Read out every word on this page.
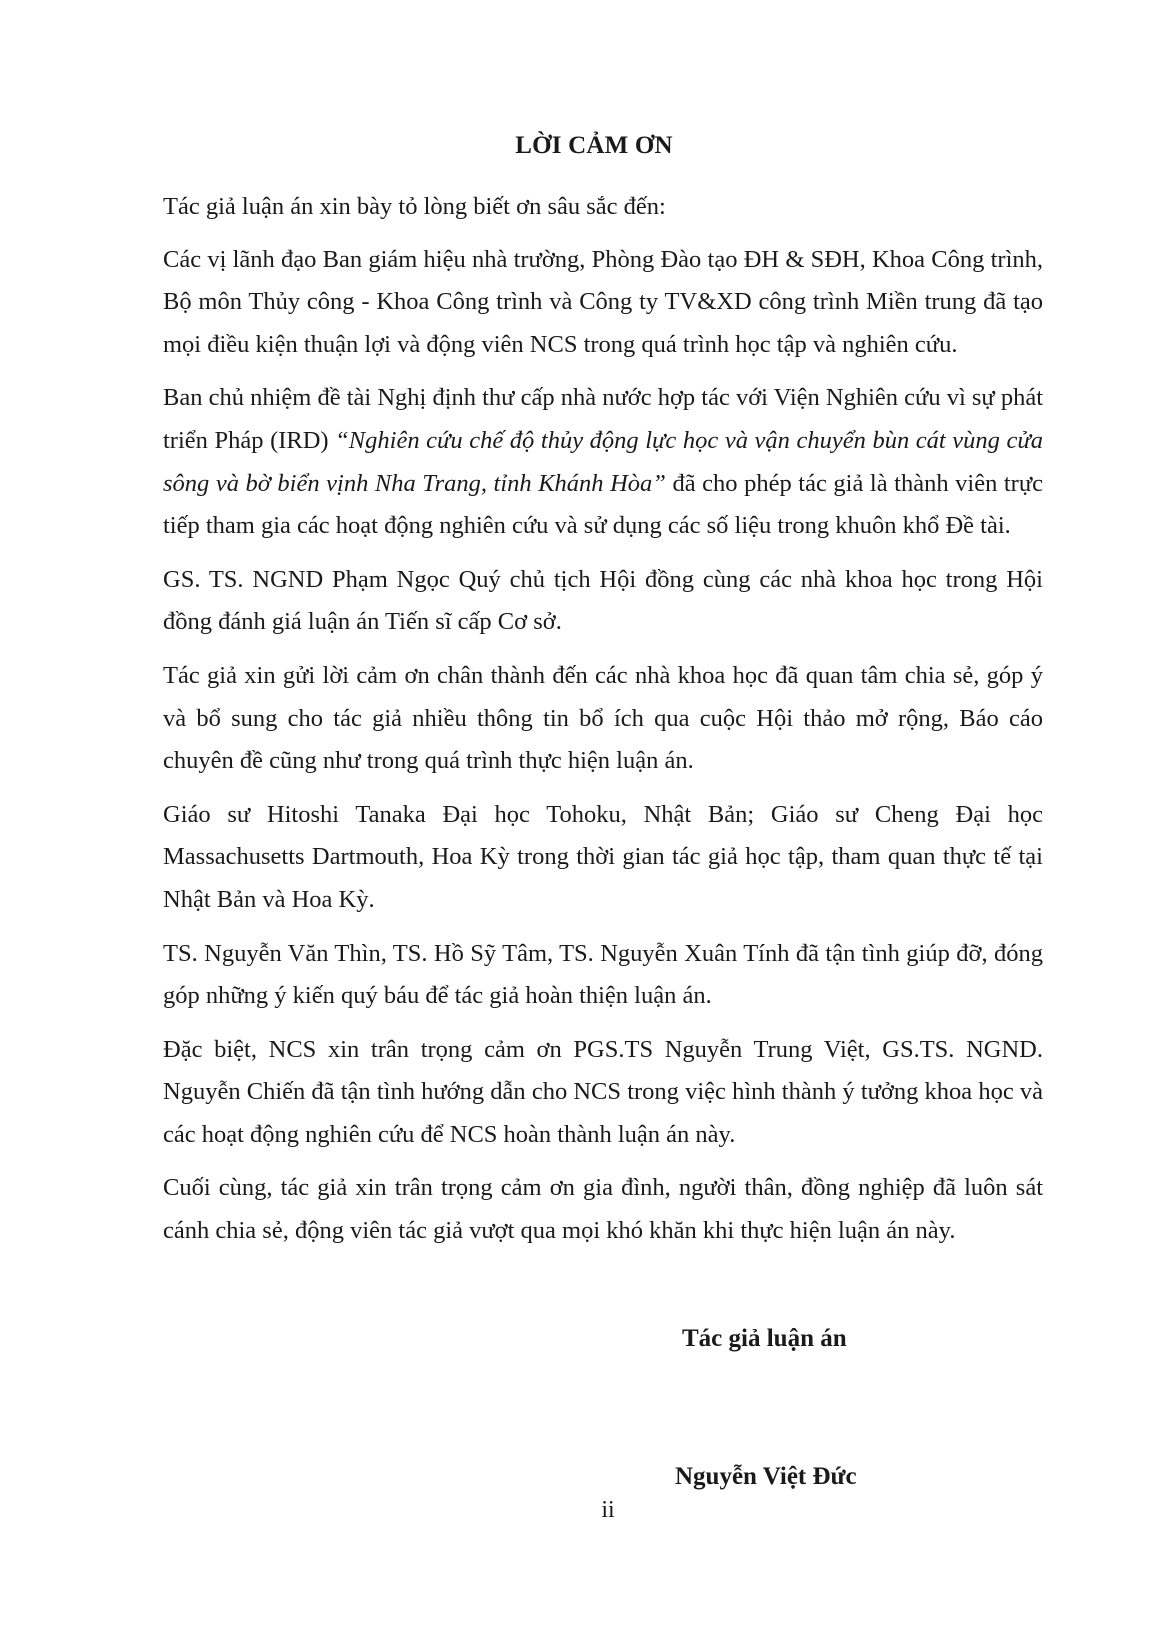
LỜI CẢM ƠN

Tác giả luận án xin bày tỏ lòng biết ơn sâu sắc đến:

Các vị lãnh đạo Ban giám hiệu nhà trường, Phòng Đào tạo ĐH & SĐH, Khoa Công trình, Bộ môn Thủy công - Khoa Công trình và Công ty TV&XD công trình Miền trung đã tạo mọi điều kiện thuận lợi và động viên NCS trong quá trình học tập và nghiên cứu.

Ban chủ nhiệm đề tài Nghị định thư cấp nhà nước hợp tác với Viện Nghiên cứu vì sự phát triển Pháp (IRD) “Nghiên cứu chế độ thủy động lực học và vận chuyển bùn cát vùng cửa sông và bờ biển vịnh Nha Trang, tỉnh Khánh Hòa” đã cho phép tác giả là thành viên trực tiếp tham gia các hoạt động nghiên cứu và sử dụng các số liệu trong khuôn khổ Đề tài.

GS. TS. NGND Phạm Ngọc Quý chủ tịch Hội đồng cùng các nhà khoa học trong Hội đồng đánh giá luận án Tiến sĩ cấp Cơ sở.

Tác giả xin gửi lời cảm ơn chân thành đến các nhà khoa học đã quan tâm chia sẻ, góp ý và bổ sung cho tác giả nhiều thông tin bổ ích qua cuộc Hội thảo mở rộng, Báo cáo chuyên đề cũng như trong quá trình thực hiện luận án.

Giáo sư Hitoshi Tanaka Đại học Tohoku, Nhật Bản; Giáo sư Cheng Đại học Massachusetts Dartmouth, Hoa Kỳ trong thời gian tác giả học tập, tham quan thực tế tại Nhật Bản và Hoa Kỳ.

TS. Nguyễn Văn Thìn, TS. Hồ Sỹ Tâm, TS. Nguyễn Xuân Tính đã tận tình giúp đỡ, đóng góp những ý kiến quý báu để tác giả hoàn thiện luận án.

Đặc biệt, NCS xin trân trọng cảm ơn PGS.TS Nguyễn Trung Việt, GS.TS. NGND. Nguyễn Chiến đã tận tình hướng dẫn cho NCS trong việc hình thành ý tưởng khoa học và các hoạt động nghiên cứu để NCS hoàn thành luận án này.

Cuối cùng, tác giả xin trân trọng cảm ơn gia đình, người thân, đồng nghiệp đã luôn sát cánh chia sẻ, động viên tác giả vượt qua mọi khó khăn khi thực hiện luận án này.

Tác giả luận án
Nguyễn Việt Đức
ii
